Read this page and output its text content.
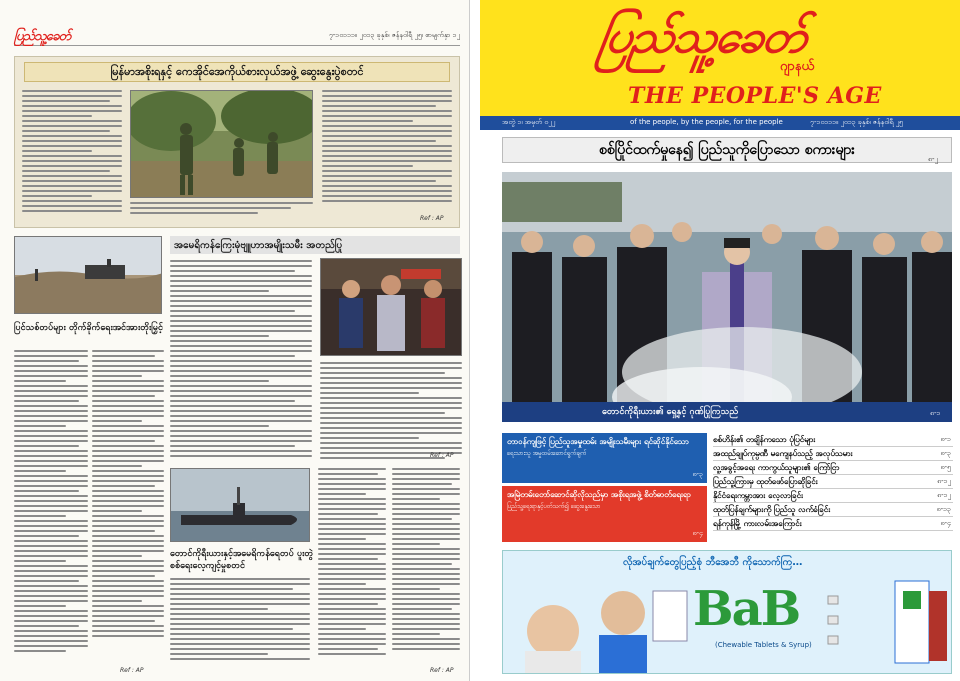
ပြည်သူ့ခေတ်	၇-၁ဝ၁၁၁။ ၂၀၁၃ ခုနှစ်၊ ဇန်နဝါရီ ၂၅၊ စာမျက်နှာ ၁၂
မြန်မာအစိုးရနှင့် ကေအိုင်အေကိုယ်စားလှယ်အဖွဲ့ ဆွေးနွေးပွဲစတင်
Ref : AP
ပြင်သစ်တပ်များ တိုက်ခိုက်ရေးအင်အားတိုးမြှင့်
Ref : AP
အမေရိကန်ကြေးမုံဗျူဟာအမျိုးသမီး အတည်ပြု
Ref : AP
တောင်ကိုရီးယားနှင့်အမေရိကန်ရေတပ် ပူးတွဲစစ်ရေးလေ့ကျင့်မှုစတင်
Ref : AP
ပြည်သူ့ခေတ်
ဂျာနယ်
THE PEOPLE'S AGE
အတွဲ ၁၊ အမှတ် ၀၂၂	of the people, by the people, for the people	၇-၁ဝ၁၁၁။ ၂၀၁၃ ခုနှစ်၊ ဇန်နဝါရီ ၂၅
စစ်ပြိုင်ထက်မှုနေ၍ ပြည်သူကိုပြောသော စကားများ
၈-၂
တောင်ကိုရီးယား၏ ရှေ့နှင့် ဂုဏ်ပြုကြသည်	၈-၁
တာဝန်ကျဖြင့် ပြည်သူအမှုထမ်း အမျိုးသမီးများ ရင်ဆိုင်နိုင်သော
ရေးသားသူ အမှုထမ်းဆောင်ရွက်ချက်
၈-၃
အမြဲတမ်းတော်ဆောင်ဆိုလိုသည်မှာ အစိုးရအဖွဲ့ စိတ်ဓာတ်ရေးရာ
ပြည်သူ့ရေးရာနှင့်ပတ်သက်၍ ဆွေးနွေးသော
၈-၄
စစ်ဟိန်း၏ တချိန်ကသော ပုံပြင်များ	၈-၁
အထည်ချုပ်ကုမ္ပဏီ မကျေနပ်သည့် အလုပ်သမား	၈-၃
လူ့အခွင့်အရေး ကာကွယ်သူများ၏ ကြော်ငြာ	၈-၅
ပြည်သူ့ကြားမှ ထုတ်ဖော်ပြောဆိုခြင်း	၈-၁၂
နိုင်ငံရေးကမ္ဘာအား လေ့လာခြင်း	၈-၁၂
ထုတ်ပြန်ချက်များကို ပြည်သူ လက်ခံခြင်း	၈-၁၃
ရန်ကုန်မြို့ ကားလမ်းအကြောင်း	၈-၄
လိုအပ်ချက်တွေပြည့်စုံ ဘီအေဘီ ကိုသောက်ကြ…
BaB
(Chewable Tablets & Syrup)
